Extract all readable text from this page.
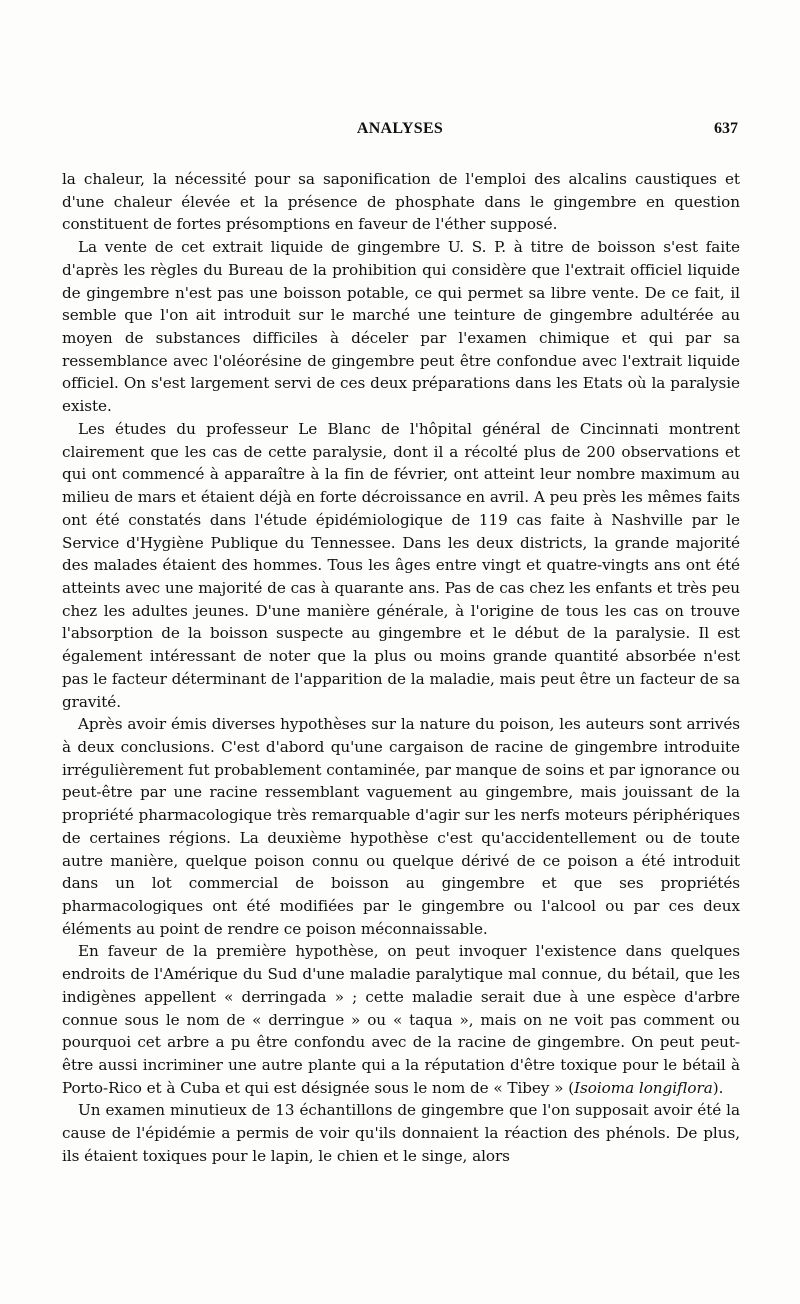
ANALYSES	637

la chaleur, la nécessité pour sa saponification de l'emploi des alcalins caustiques et d'une chaleur élevée et la présence de phosphate dans le gingembre en question constituent de fortes présomptions en faveur de l'éther supposé.

La vente de cet extrait liquide de gingembre U. S. P. à titre de boisson s'est faite d'après les règles du Bureau de la prohibition qui considère que l'extrait officiel liquide de gingembre n'est pas une boisson potable, ce qui permet sa libre vente. De ce fait, il semble que l'on ait introduit sur le marché une teinture de gingembre adultérée au moyen de substances difficiles à déceler par l'examen chimique et qui par sa ressemblance avec l'oléorésine de gingembre peut être confondue avec l'extrait liquide officiel. On s'est largement servi de ces deux préparations dans les Etats où la paralysie existe.

Les études du professeur Le Blanc de l'hôpital général de Cincinnati montrent clairement que les cas de cette paralysie, dont il a récolté plus de 200 observations et qui ont commencé à apparaître à la fin de février, ont atteint leur nombre maximum au milieu de mars et étaient déjà en forte décroissance en avril. A peu près les mêmes faits ont été constatés dans l'étude épidémiologique de 119 cas faite à Nashville par le Service d'Hygiène Publique du Tennessee. Dans les deux districts, la grande majorité des malades étaient des hommes. Tous les âges entre vingt et quatre-vingts ans ont été atteints avec une majorité de cas à quarante ans. Pas de cas chez les enfants et très peu chez les adultes jeunes. D'une manière générale, à l'origine de tous les cas on trouve l'absorption de la boisson suspecte au gingembre et le début de la paralysie. Il est également intéressant de noter que la plus ou moins grande quantité absorbée n'est pas le facteur déterminant de l'apparition de la maladie, mais peut être un facteur de sa gravité.

Après avoir émis diverses hypothèses sur la nature du poison, les auteurs sont arrivés à deux conclusions. C'est d'abord qu'une cargaison de racine de gingembre introduite irrégulièrement fut probablement contaminée, par manque de soins et par ignorance ou peut-être par une racine ressemblant vaguement au gingembre, mais jouissant de la propriété pharmacologique très remarquable d'agir sur les nerfs moteurs périphériques de certaines régions. La deuxième hypothèse c'est qu'accidentellement ou de toute autre manière, quelque poison connu ou quelque dérivé de ce poison a été introduit dans un lot commercial de boisson au gingembre et que ses propriétés pharmacologiques ont été modifiées par le gingembre ou l'alcool ou par ces deux éléments au point de rendre ce poison méconnaissable.

En faveur de la première hypothèse, on peut invoquer l'existence dans quelques endroits de l'Amérique du Sud d'une maladie paralytique mal connue, du bétail, que les indigènes appellent « derringada » ; cette maladie serait due à une espèce d'arbre connue sous le nom de « derringue » ou « taqua », mais on ne voit pas comment ou pourquoi cet arbre a pu être confondu avec de la racine de gingembre. On peut peut-être aussi incriminer une autre plante qui a la réputation d'être toxique pour le bétail à Porto-Rico et à Cuba et qui est désignée sous le nom de « Tibey » (Isoioma longiflora).

Un examen minutieux de 13 échantillons de gingembre que l'on supposait avoir été la cause de l'épidémie a permis de voir qu'ils donnaient la réaction des phénols. De plus, ils étaient toxiques pour le lapin, le chien et le singe, alors
